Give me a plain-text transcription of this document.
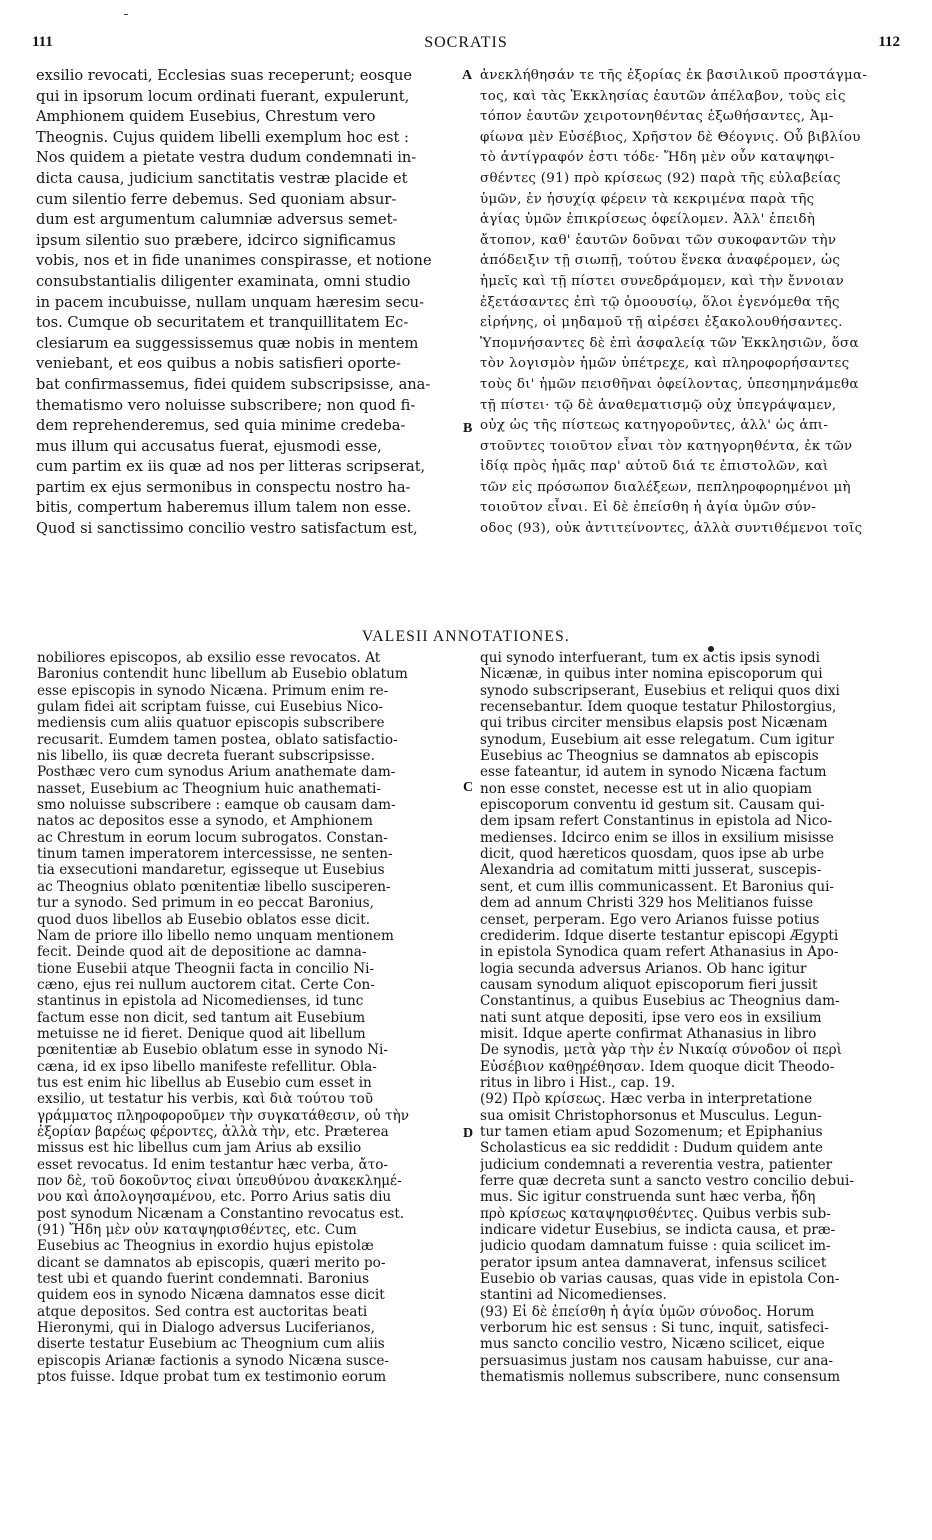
111	SOCRATIS	112
exsilio revocati, Ecclesias suas receperunt; eosque
qui in ipsorum locum ordinati fuerant, expulerunt,
Amphionem quidem Eusebius, Chrestum vero
Theognis. Cujus quidem libelli exemplum hoc est :
Nos quidem a pietate vestra dudum condemnati in-
dicta causa, judicium sanctitatis vestræ placide et
cum silentio ferre debemus. Sed quoniam absur-
dum est argumentum calumniæ adversus semet-
ipsum silentio suo præbere, idcirco significamus
vobis, nos et in fide unanimes conspirasse, et notione
consubstantialis diligenter examinata, omni studio
in pacem incubuisse, nullam unquam hæresim secu-
tos. Cumque ob securitatem et tranquillitatem Ec-
clesiarum ea suggessissemus quæ nobis in mentem
veniebant, et eos quibus a nobis satisfieri oporte-
bat confirmassemus, fidei quidem subscripsisse, ana-
thematismo vero noluisse subscribere; non quod fi-
dem reprehenderemus, sed quia minime credeba-
mus illum qui accusatus fuerat, ejusmodi esse,
cum partim ex iis quæ ad nos per litteras scripserat,
partim ex ejus sermonibus in conspectu nostro ha-
bitis, compertum haberemus illum talem non esse.
Quod si sanctissimo concilio vestro satisfactum est,
ἀνεκλήθησάν τε τῆς ἐξορίας ἐκ βασιλικοῦ προστάγμα-
τος, καὶ τὰς Ἐκκλησίας ἑαυτῶν ἀπέλαβον, τοὺς εἰς
τόπον ἑαυτῶν χειροτονηθέντας ἐξωθήσαντες, Ἀμ-
φίωνα μὲν Εὐσέβιος, Χρῆστον δὲ Θέογνις. Οὗ βιβλίου
τὸ ἀντίγραφόν ἐστι τόδε· Ἤδη μὲν οὖν καταψηφι-
σθέντες (91) πρὸ κρίσεως (92) παρὰ τῆς εὐλαβείας
ὑμῶν, ἐν ἡσυχίᾳ φέρειν τὰ κεκριμένα παρὰ τῆς
ἁγίας ὑμῶν ἐπικρίσεως ὀφείλομεν. Ἀλλ' ἐπειδὴ
ἄτοπον, καθ' ἑαυτῶν δοῦναι τῶν συκοφαντῶν τὴν
ἀπόδειξιν τῇ σιωπῇ, τούτου ἕνεκα ἀναφέρομεν, ὡς
ἡμεῖς καὶ τῇ πίστει συνεδράμομεν, καὶ τὴν ἔννοιαν
ἐξετάσαντες ἐπὶ τῷ ὁμοουσίῳ, ὅλοι ἐγενόμεθα τῆς
εἰρήνης, οἱ μηδαμοῦ τῇ αἱρέσει ἐξακολουθήσαντες.
Ὑπομνήσαντες δὲ ἐπὶ ἀσφαλείᾳ τῶν Ἐκκλησιῶν, ὅσα
τὸν λογισμὸν ἡμῶν ὑπέτρεχε, καὶ πληροφορήσαντες
τοὺς δι' ἡμῶν πεισθῆναι ὀφείλοντας, ὑπεσημηνάμεθα
τῇ πίστει· τῷ δὲ ἀναθεματισμῷ οὐχ ὑπεγράψαμεν,
οὐχ ὡς τῆς πίστεως κατηγοροῦντες, ἀλλ' ὡς ἀπι-
στοῦντες τοιοῦτον εἶναι τὸν κατηγορηθέντα, ἐκ τῶν
ἰδίᾳ πρὸς ἡμᾶς παρ' αὐτοῦ διά τε ἐπιστολῶν, καὶ
τῶν εἰς πρόσωπον διαλέξεων, πεπληροφορημένοι μὴ
τοιοῦτον εἶναι. Εἰ δὲ ἐπείσθη ἡ ἁγία ὑμῶν σύν-
οδος (93), οὐκ ἀντιτείνοντες, ἀλλὰ συντιθέμενοι τοῖς
A
B
C
D
VALESII ANNOTATIONES.
nobiliores episcopos, ab exsilio esse revocatos. At
Baronius contendit hunc libellum ab Eusebio oblatum
esse episcopis in synodo Nicæna. Primum enim re-
gulam fidei ait scriptam fuisse, cui Eusebius Nico-
mediensis cum aliis quatuor episcopis subscribere
recusarit. Eumdem tamen postea, oblato satisfactio-
nis libello, iis quæ decreta fuerant subscripsisse.
Posthæc vero cum synodus Arium anathemate dam-
nasset, Eusebium ac Theognium huic anathemati-
smo noluisse subscribere : eamque ob causam dam-
natos ac depositos esse a synodo, et Amphionem
ac Chrestum in eorum locum subrogatos. Constan-
tinum tamen imperatorem intercessisse, ne senten-
tia exsecutioni mandaretur, egisseque ut Eusebius
ac Theognius oblato pœnitentiæ libello susciperen-
tur a synodo. Sed primum in eo peccat Baronius,
quod duos libellos ab Eusebio oblatos esse dicit.
Nam de priore illo libello nemo unquam mentionem
fecit. Deinde quod ait de depositione ac damna-
tione Eusebii atque Theognii facta in concilio Ni-
cæno, ejus rei nullum auctorem citat. Certe Con-
stantinus in epistola ad Nicomedienses, id tunc
factum esse non dicit, sed tantum ait Eusebium
metuisse ne id fieret. Denique quod ait libellum
pœnitentiæ ab Eusebio oblatum esse in synodo Ni-
cæna, id ex ipso libello manifeste refellitur. Obla-
tus est enim hic libellus ab Eusebio cum esset in
exsilio, ut testatur his verbis, καὶ διὰ τούτου τοῦ
γράμματος πληροφοροῦμεν τὴν συγκατάθεσιν, οὐ τὴν
ἐξορίαν βαρέως φέροντες, ἀλλὰ τὴν, etc. Præterea
missus est hic libellus cum jam Arius ab exsilio
esset revocatus. Id enim testantur hæc verba, ἄτο-
πον δὲ, τοῦ δοκοῦντος εἶναι ὑπευθύνου ἀνακεκλημέ-
νου καὶ ἀπολογησαμένου, etc. Porro Arius satis diu
post synodum Nicænam a Constantino revocatus est.
(91) Ἤδη μὲν οὖν καταψηφισθέντες, etc. Cum
Eusebius ac Theognius in exordio hujus epistolæ
dicant se damnatos ab episcopis, quæri merito po-
test ubi et quando fuerint condemnati. Baronius
quidem eos in synodo Nicæna damnatos esse dicit
atque depositos. Sed contra est auctoritas beati
Hieronymi, qui in Dialogo adversus Luciferianos,
diserte testatur Eusebium ac Theognium cum aliis
episcopis Arianæ factionis a synodo Nicæna susce-
ptos fuisse. Idque probat tum ex testimonio eorum
qui synodo interfuerant, tum ex actis ipsis synodi
Nicænæ, in quibus inter nomina episcoporum qui
synodo subscripserant, Eusebius et reliqui quos dixi
recensebantur. Idem quoque testatur Philostorgius,
qui tribus circiter mensibus elapsis post Nicænam
synodum, Eusebium ait esse relegatum. Cum igitur
Eusebius ac Theognius se damnatos ab episcopis
esse fateantur, id autem in synodo Nicæna factum
non esse constet, necesse est ut in alio quopiam
episcoporum conventu id gestum sit. Causam qui-
dem ipsam refert Constantinus in epistola ad Nico-
medienses. Idcirco enim se illos in exsilium misisse
dicit, quod hæreticos quosdam, quos ipse ab urbe
Alexandria ad comitatum mitti jusserat, suscepis-
sent, et cum illis communicassent. Et Baronius qui-
dem ad annum Christi 329 hos Melitianos fuisse
censet, perperam. Ego vero Arianos fuisse potius
crediderim. Idque diserte testantur episcopi Ægypti
in epistola Synodica quam refert Athanasius in Apo-
logia secunda adversus Arianos. Ob hanc igitur
causam synodum aliquot episcoporum fieri jussit
Constantinus, a quibus Eusebius ac Theognius dam-
nati sunt atque depositi, ipse vero eos in exsilium
misit. Idque aperte confirmat Athanasius in libro
De synodis, μετὰ γὰρ τὴν ἐν Νικαίᾳ σύνοδον οἱ περὶ
Εὐσέβιον καθῃρέθησαν. Idem quoque dicit Theodo-
ritus in libro i Hist., cap. 19.
(92) Πρὸ κρίσεως. Hæc verba in interpretatione
sua omisit Christophorsonus et Musculus. Legun-
tur tamen etiam apud Sozomenum; et Epiphanius
Scholasticus ea sic reddidit : Dudum quidem ante
judicium condemnati a reverentia vestra, patienter
ferre quæ decreta sunt a sancto vestro concilio debui-
mus. Sic igitur construenda sunt hæc verba, ἤδη
πρὸ κρίσεως καταψηφισθέντες. Quibus verbis sub-
indicare videtur Eusebius, se indicta causa, et præ-
judicio quodam damnatum fuisse : quia scilicet im-
perator ipsum antea damnaverat, infensus scilicet
Eusebio ob varias causas, quas vide in epistola Con-
stantini ad Nicomedienses.
(93) Εἰ δὲ ἐπείσθη ἡ ἁγία ὑμῶν σύνοδος. Horum
verborum hic est sensus : Si tunc, inquit, satisfeci-
mus sancto concilio vestro, Nicæno scilicet, eique
persuasimus justam nos causam habuisse, cur ana-
thematismis nollemus subscribere, nunc consensum
